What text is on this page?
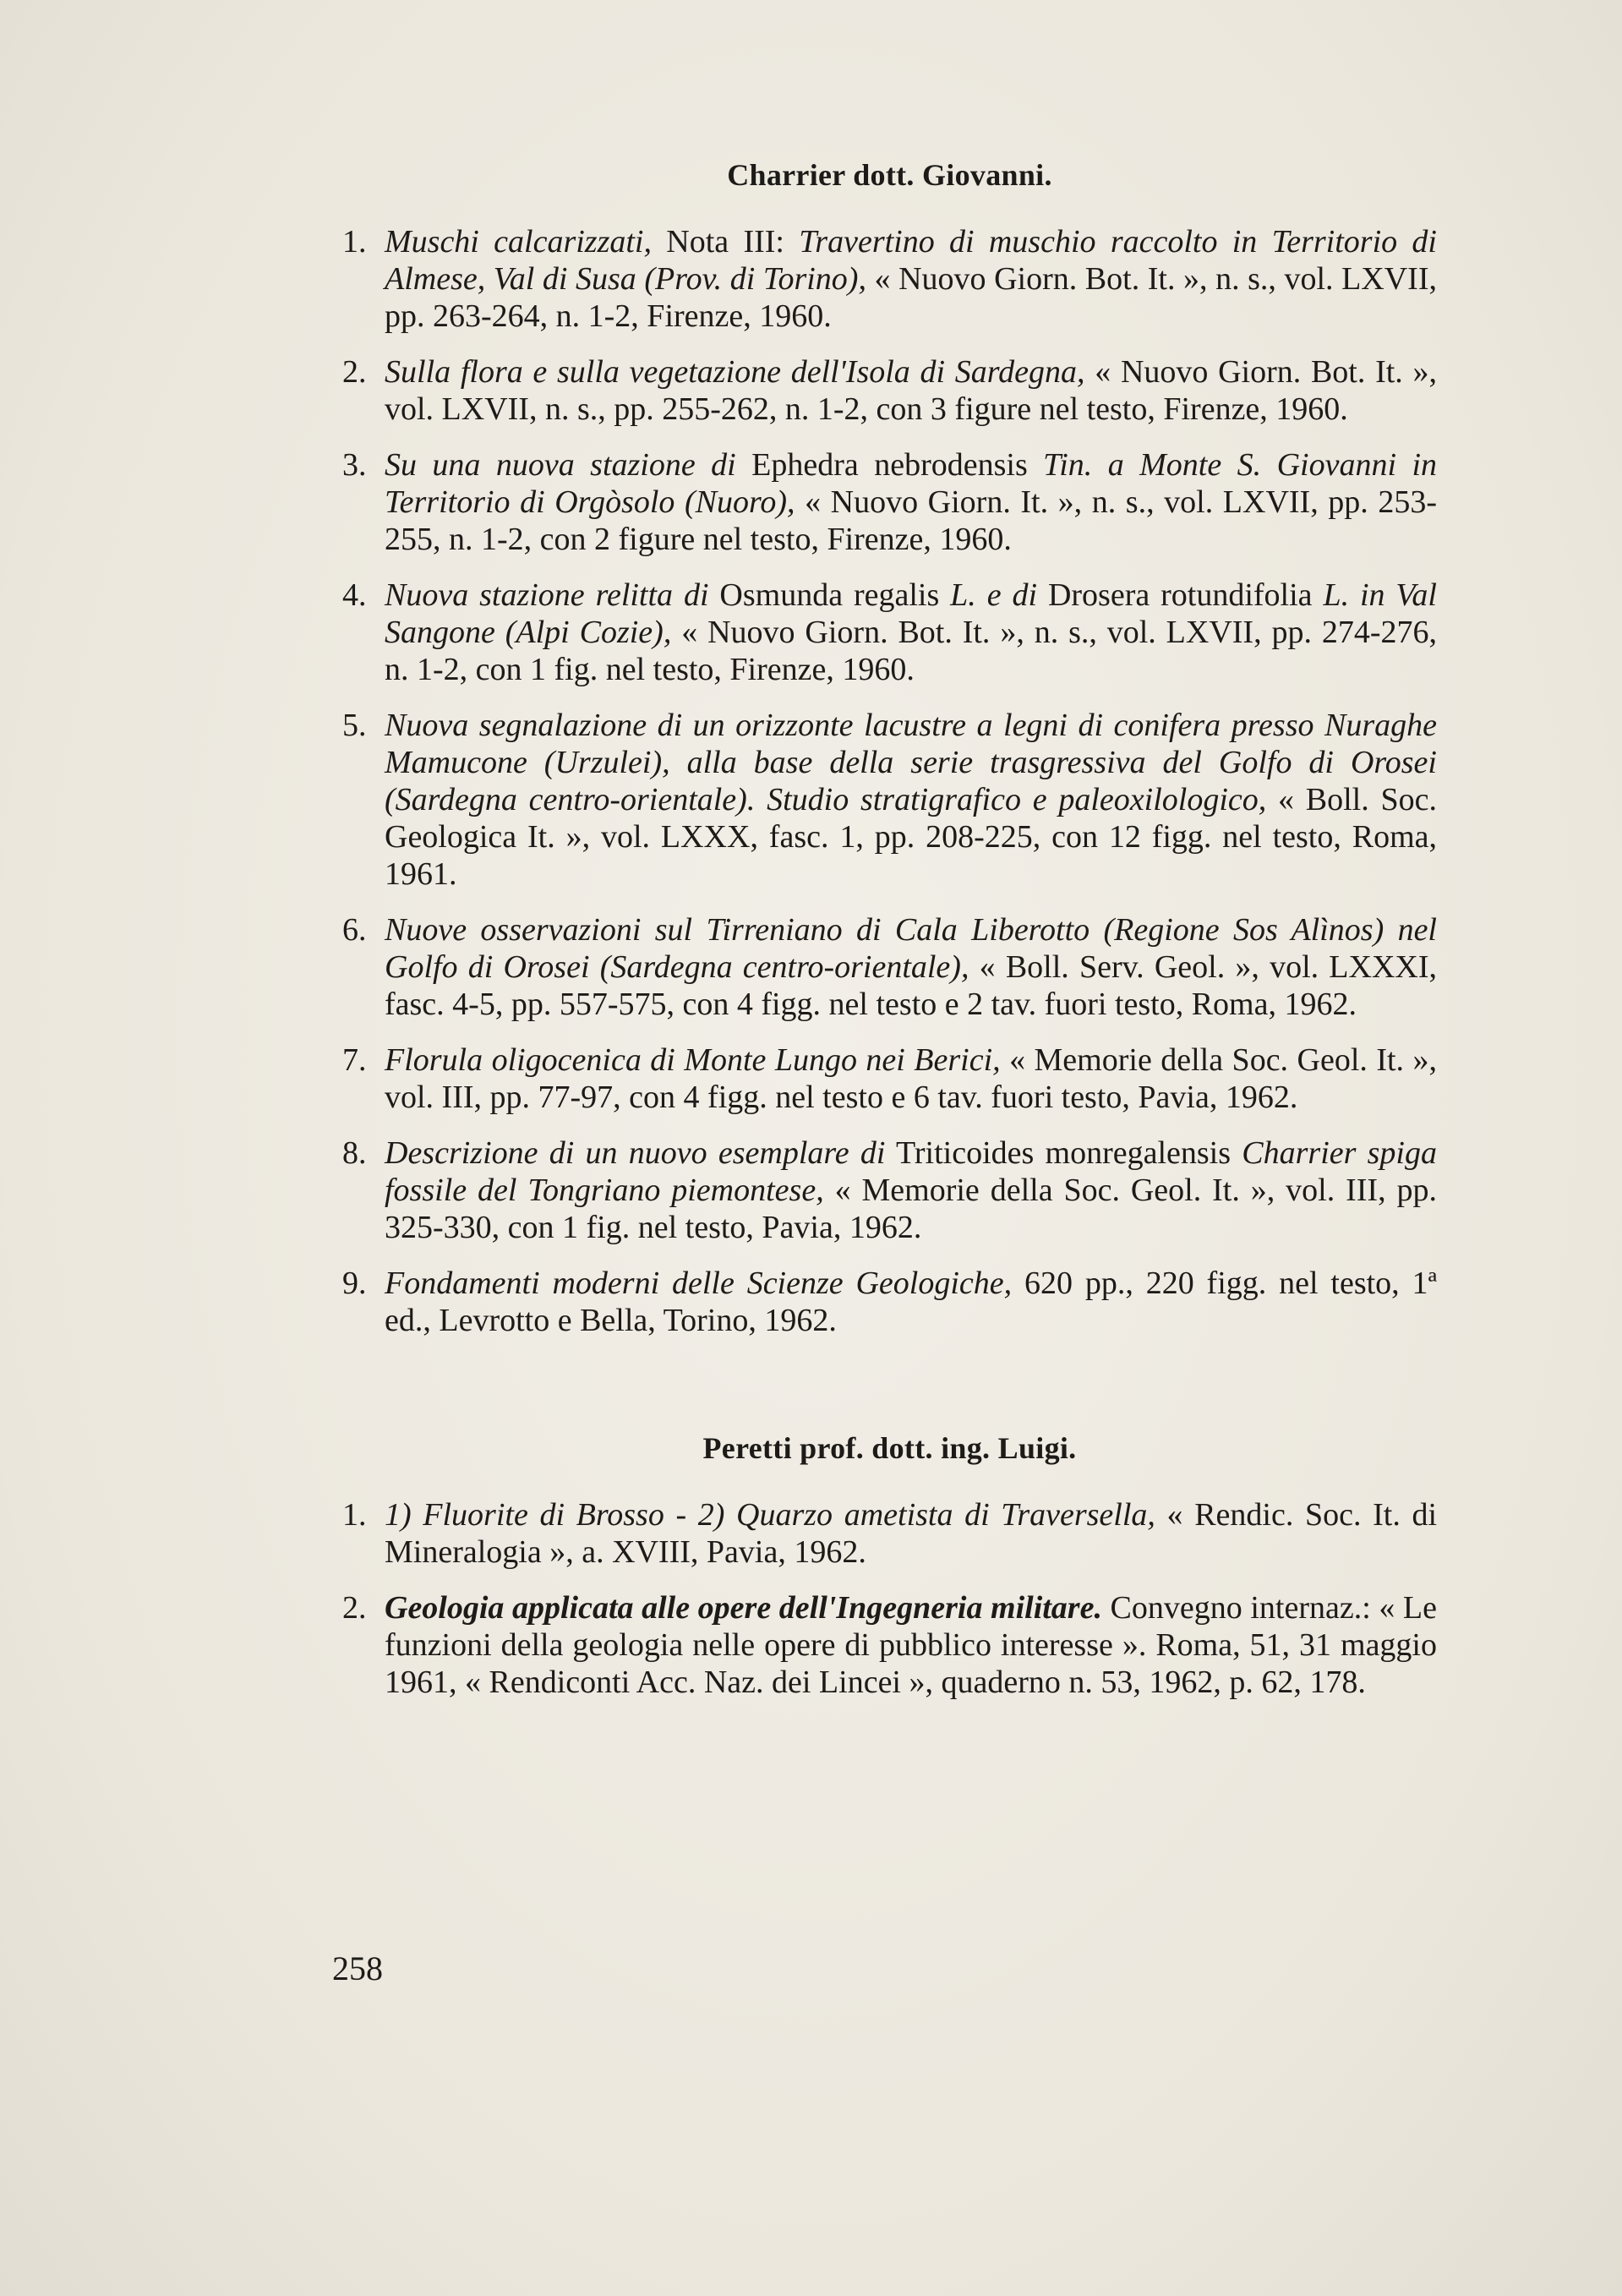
Charrier dott. Giovanni.
1. Muschi calcarizzati, Nota III: Travertino di muschio raccolto in Territorio di Almese, Val di Susa (Prov. di Torino), « Nuovo Giorn. Bot. It. », n. s., vol. LXVII, pp. 263-264, n. 1-2, Firenze, 1960.
2. Sulla flora e sulla vegetazione dell'Isola di Sardegna, « Nuovo Giorn. Bot. It. », vol. LXVII, n. s., pp. 255-262, n. 1-2, con 3 figure nel testo, Firenze, 1960.
3. Su una nuova stazione di Ephedra nebrodensis Tin. a Monte S. Giovanni in Territorio di Orgòsolo (Nuoro), « Nuovo Giorn. It. », n. s., vol. LXVII, pp. 253-255, n. 1-2, con 2 figure nel testo, Firenze, 1960.
4. Nuova stazione relitta di Osmunda regalis L. e di Drosera rotundifolia L. in Val Sangone (Alpi Cozie), « Nuovo Giorn. Bot. It. », n. s., vol. LXVII, pp. 274-276, n. 1-2, con 1 fig. nel testo, Firenze, 1960.
5. Nuova segnalazione di un orizzonte lacustre a legni di conifera presso Nuraghe Mamucone (Urzulei), alla base della serie trasgressiva del Golfo di Orosei (Sardegna centro-orientale). Studio stratigrafico e paleoxilologico, « Boll. Soc. Geologica It. », vol. LXXX, fasc. 1, pp. 208-225, con 12 figg. nel testo, Roma, 1961.
6. Nuove osservazioni sul Tirreniano di Cala Liberotto (Regione Sos Alìnos) nel Golfo di Orosei (Sardegna centro-orientale), « Boll. Serv. Geol. », vol. LXXXI, fasc. 4-5, pp. 557-575, con 4 figg. nel testo e 2 tav. fuori testo, Roma, 1962.
7. Florula oligocenica di Monte Lungo nei Berici, « Memorie della Soc. Geol. It. », vol. III, pp. 77-97, con 4 figg. nel testo e 6 tav. fuori testo, Pavia, 1962.
8. Descrizione di un nuovo esemplare di Triticoides monregalensis Charrier spiga fossile del Tongriano piemontese, « Memorie della Soc. Geol. It. », vol. III, pp. 325-330, con 1 fig. nel testo, Pavia, 1962.
9. Fondamenti moderni delle Scienze Geologiche, 620 pp., 220 figg. nel testo, 1ª ed., Levrotto e Bella, Torino, 1962.
Peretti prof. dott. ing. Luigi.
1. 1) Fluorite di Brosso - 2) Quarzo ametista di Traversella, « Rendic. Soc. It. di Mineralogia », a. XVIII, Pavia, 1962.
2. Geologia applicata alle opere dell'Ingegneria militare. Convegno internaz.: « Le funzioni della geologia nelle opere di pubblico interesse ». Roma, 51, 31 maggio 1961, « Rendiconti Acc. Naz. dei Lincei », quaderno n. 53, 1962, p. 62, 178.
258
